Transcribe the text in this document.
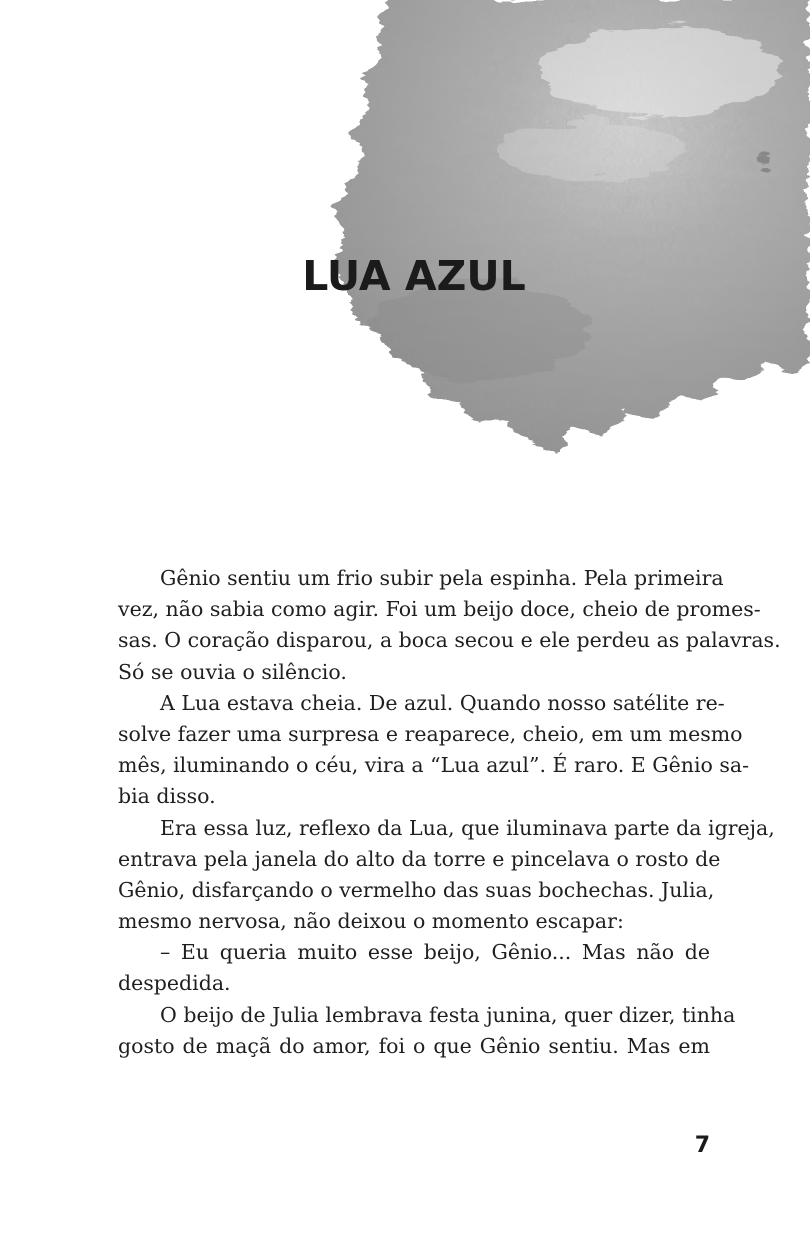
LUA AZUL
Gênio sentiu um frio subir pela espinha. Pela primeira
vez, não sabia como agir. Foi um beijo doce, cheio de promes-
sas. O coração disparou, a boca secou e ele perdeu as palavras.
Só se ouvia o silêncio.
A Lua estava cheia. De azul. Quando nosso satélite re-
solve fazer uma surpresa e reaparece, cheio, em um mesmo
mês, iluminando o céu, vira a “Lua azul”. É raro. E Gênio sa-
bia disso.
Era essa luz, reflexo da Lua, que iluminava parte da igreja,
entrava pela janela do alto da torre e pincelava o rosto de
Gênio, disfarçando o vermelho das suas bochechas. Julia,
mesmo nervosa, não deixou o momento escapar:
– Eu queria muito esse beijo, Gênio... Mas não de
despedida.
O beijo de Julia lembrava festa junina, quer dizer, tinha
gosto de maçã do amor, foi o que Gênio sentiu. Mas em

7
